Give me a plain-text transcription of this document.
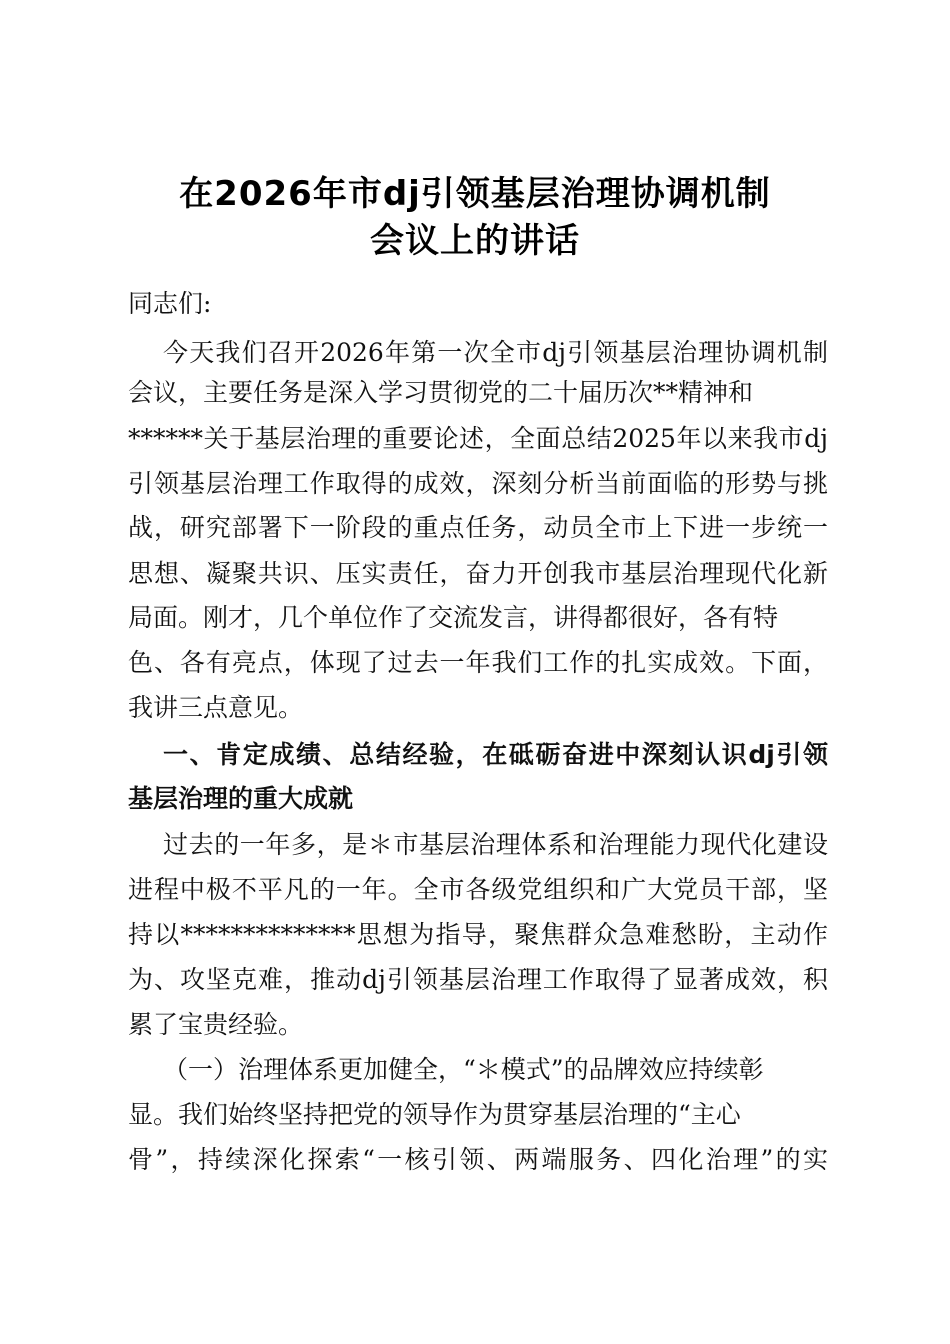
在2026年市dj引领基层治理协调机制
会议上的讲话
同志们:
今天我们召开2026年第一次全市dj引领基层治理协调机制
会议，主要任务是深入学习贯彻党的二十届历次**精神和
******关于基层治理的重要论述，全面总结2025年以来我市dj
引领基层治理工作取得的成效，深刻分析当前面临的形势与挑
战，研究部署下一阶段的重点任务，动员全市上下进一步统一
思想、凝聚共识、压实责任，奋力开创我市基层治理现代化新
局面。刚才，几个单位作了交流发言，讲得都很好，各有特
色、各有亮点，体现了过去一年我们工作的扎实成效。下面，
我讲三点意见。
一、肯定成绩、总结经验，在砥砺奋进中深刻认识dj引领
基层治理的重大成就
过去的一年多，是＊市基层治理体系和治理能力现代化建设
进程中极不平凡的一年。全市各级党组织和广大党员干部，坚
持以**************思想为指导，聚焦群众急难愁盼，主动作
为、攻坚克难，推动dj引领基层治理工作取得了显著成效，积
累了宝贵经验。
（一）治理体系更加健全，“＊模式”的品牌效应持续彰
显。我们始终坚持把党的领导作为贯穿基层治理的“主心
骨”，持续深化探索“一核引领、两端服务、四化治理”的实
